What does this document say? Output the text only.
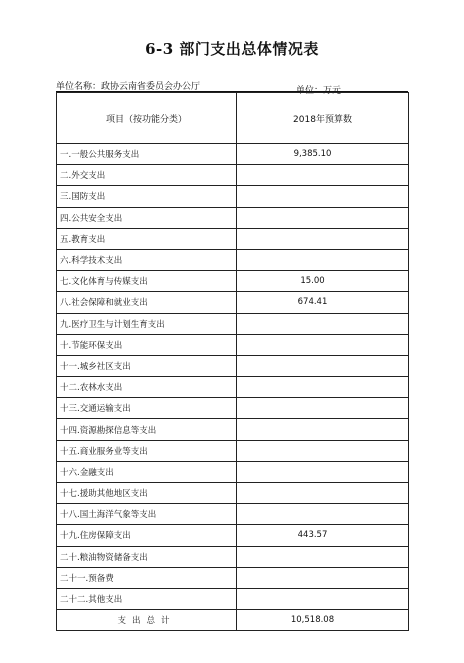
6-3 部门支出总体情况表
单位名称：政协云南省委员会办公厅	单位：万元
项目（按功能分类）	2018年预算数
一.一般公共服务支出	9,385.10
二.外交支出	
三.国防支出	
四.公共安全支出	
五.教育支出	
六.科学技术支出	
七.文化体育与传媒支出	15.00
八.社会保障和就业支出	674.41
九.医疗卫生与计划生育支出	
十.节能环保支出	
十一.城乡社区支出	
十二.农林水支出	
十三.交通运输支出	
十四.资源勘探信息等支出	
十五.商业服务业等支出	
十六.金融支出	
十七.援助其他地区支出	
十八.国土海洋气象等支出	
十九.住房保障支出	443.57
二十.粮油物资储备支出	
二十一.预备费	
二十二.其他支出	
支出总计	10,518.08
